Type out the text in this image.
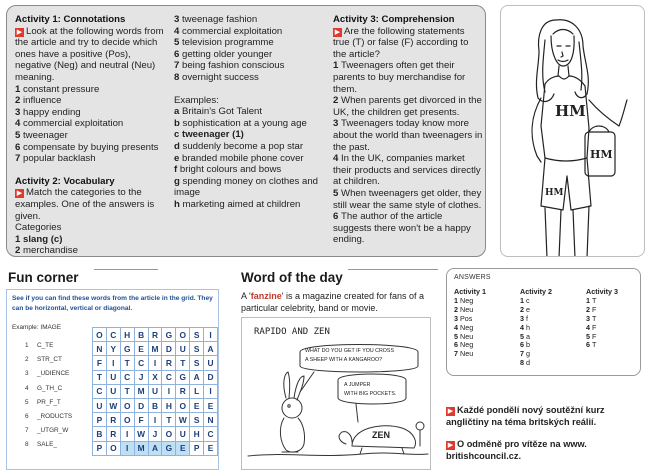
Activity 1: Connotations
▶Look at the following words from the article and try to decide which ones have a positive (Pos), negative (Neg) and neutral (Neu) meaning.
1 constant pressure
2 influence
3 happy ending
4 commercial exploitation
5 tweenager
6 compensate by buying presents
7 popular backlash
Activity 2: Vocabulary
▶Match the categories to the examples. One of the answers is given.
Categories
1 slang (c)
2 merchandise
3 tweenage fashion
4 commercial exploitation
5 television programme
6 getting older younger
7 being fashion conscious
8 overnight success
Examples:
a Britain's Got Talent
b sophistication at a young age
c tweenager (1)
d suddenly become a pop star
e branded mobile phone cover
f bright colours and bows
g spending money on clothes and image
h marketing aimed at children
Activity 3: Comprehension
▶Are the following statements true (T) or false (F) according to the article?
1 Tweenagers often get their parents to buy merchandise for them.
2 When parents get divorced in the UK, the children get presents.
3 Tweenagers today know more about the world than tweenagers in the past.
4 In the UK, companies market their products and services directly at children.
5 When tweenagers get older, they still wear the same style of clothes.
6 The author of the article suggests there won't be a happy ending.
HM
HM
HM
Fun corner
See if you can find these words from the article in the grid. They can be horizontal, vertical or diagonal.
Example: IMAGE
1 C_TE
2 STR_CT
3 _UDIENCE
4 G_TH_C
5 PR_F_T
6 _RODUCTS
7 _UTGR_W
8 SALE_
O	C	H	B	R	G	O	S	I
N	Y	G	E	M	D	U	S	A
F	I	T	C	I	R	T	S	U
T	U	C	J	X	C	G	A	D
C	U	T	M	U	I	R	L	I
U	W	O	D	B	H	O	E	E
P	R	O	F	I	T	W	S	N
B	R	I	W	J	O	U	H	C
P	O	I	M	A	G	E	P	E
Word of the day
A 'fanzine' is a magazine created for fans of a particular celebrity, band or movie.
RAPIDO AND ZEN
WHAT DO YOU GET IF YOU CROSS
A SHEEP WITH A KANGAROO?
A JUMPER
WITH BIG POCKETS.
ZEN
ANSWERS
Activity 1
1 Neg
2 Neu
3 Pos
4 Neg
5 Neu
6 Neg
7 Neu
Activity 2
1 c
2 e
3 f
4 h
5 a
6 b
7 g
8 d
Activity 3
1 T
2 F
3 T
4 F
5 F
6 T
▶Každé pondělí nový soutěžní kurz angličtiny na téma britských reálií.
▶O odměně pro vítěze na www. britishcouncil.cz.
